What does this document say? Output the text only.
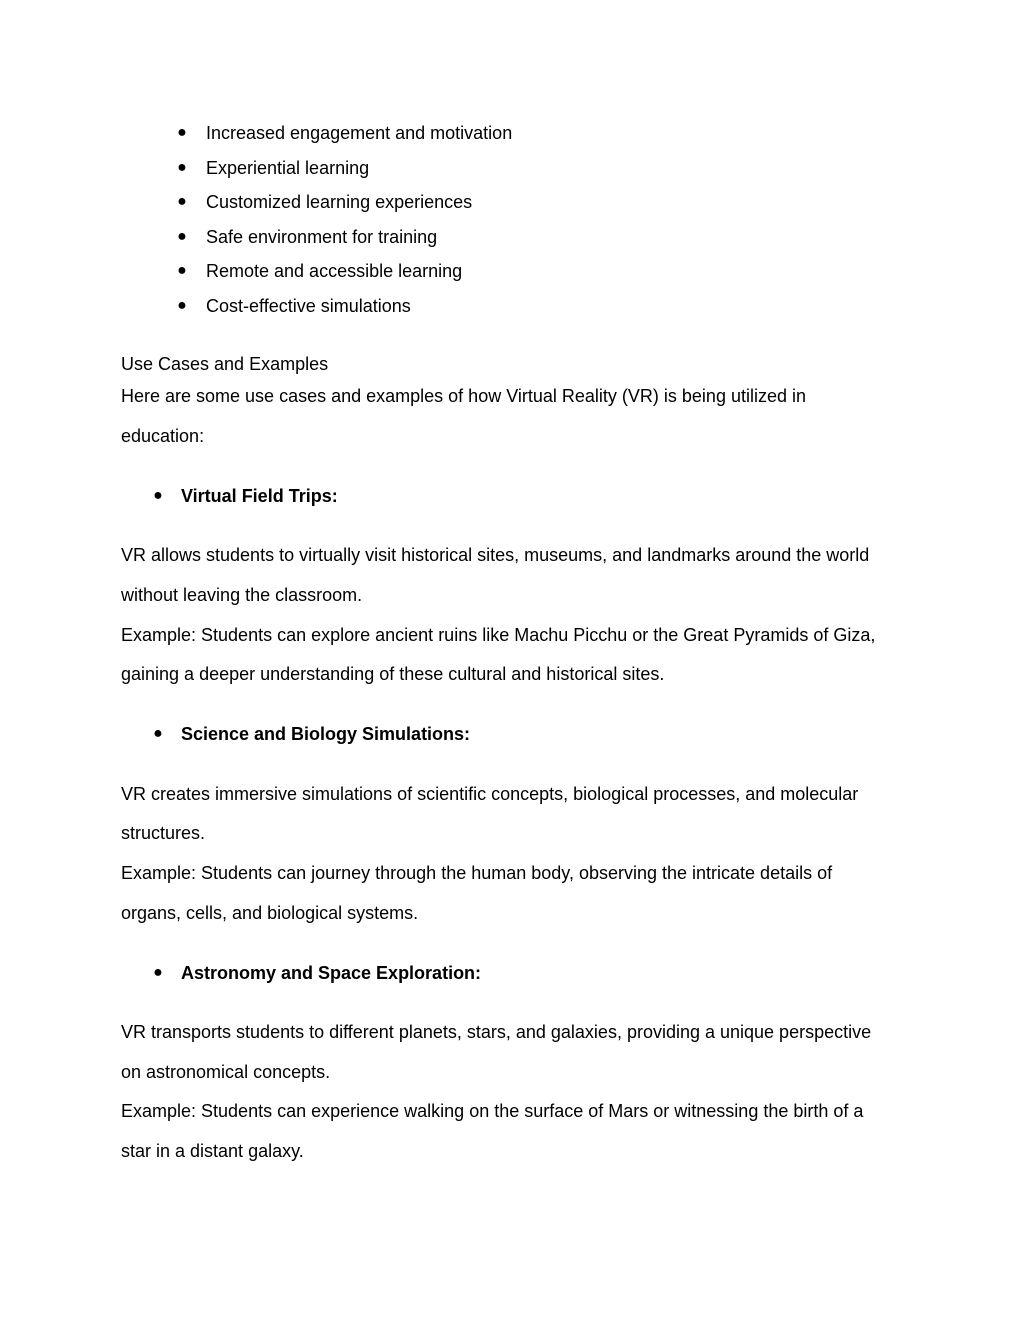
● Increased engagement and motivation
● Experiential learning
● Customized learning experiences
● Safe environment for training
● Remote and accessible learning
● Cost-effective simulations
Use Cases and Examples
Here are some use cases and examples of how Virtual Reality (VR) is being utilized in
education:
● Virtual Field Trips:
VR allows students to virtually visit historical sites, museums, and landmarks around the world
without leaving the classroom.
Example: Students can explore ancient ruins like Machu Picchu or the Great Pyramids of Giza,
gaining a deeper understanding of these cultural and historical sites.
● Science and Biology Simulations:
VR creates immersive simulations of scientific concepts, biological processes, and molecular
structures.
Example: Students can journey through the human body, observing the intricate details of
organs, cells, and biological systems.
● Astronomy and Space Exploration:
VR transports students to different planets, stars, and galaxies, providing a unique perspective
on astronomical concepts.
Example: Students can experience walking on the surface of Mars or witnessing the birth of a
star in a distant galaxy.
